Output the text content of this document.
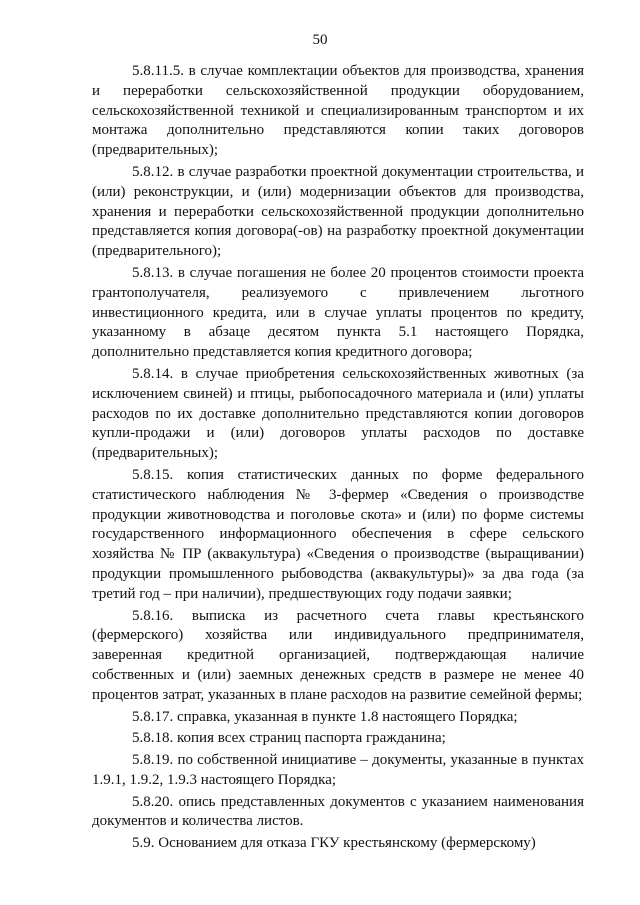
50

5.8.11.5. в случае комплектации объектов для производства, хранения и переработки сельскохозяйственной продукции оборудованием, сельскохозяйственной техникой и специализированным транспортом и их монтажа дополнительно представляются копии таких договоров (предварительных);

5.8.12. в случае разработки проектной документации строительства, и (или) реконструкции, и (или) модернизации объектов для производства, хранения и переработки сельскохозяйственной продукции дополнительно представляется копия договора(-ов) на разработку проектной документации (предварительного);

5.8.13. в случае погашения не более 20 процентов стоимости проекта грантополучателя, реализуемого с привлечением льготного инвестиционного кредита, или в случае уплаты процентов по кредиту, указанному в абзаце десятом пункта 5.1 настоящего Порядка, дополнительно представляется копия кредитного договора;

5.8.14. в случае приобретения сельскохозяйственных животных (за исключением свиней) и птицы, рыбопосадочного материала и (или) уплаты расходов по их доставке дополнительно представляются копии договоров купли-продажи и (или) договоров уплаты расходов по доставке (предварительных);

5.8.15. копия статистических данных по форме федерального статистического наблюдения № 3-фермер «Сведения о производстве продукции животноводства и поголовье скота» и (или) по форме системы государственного информационного обеспечения в сфере сельского хозяйства № ПР (аквакультура) «Сведения о производстве (выращивании) продукции промышленного рыбоводства (аквакультуры)» за два года (за третий год – при наличии), предшествующих году подачи заявки;

5.8.16. выписка из расчетного счета главы крестьянского (фермерского) хозяйства или индивидуального предпринимателя, заверенная кредитной организацией, подтверждающая наличие собственных и (или) заемных денежных средств в размере не менее 40 процентов затрат, указанных в плане расходов на развитие семейной фермы;

5.8.17. справка, указанная в пункте 1.8 настоящего Порядка;

5.8.18. копия всех страниц паспорта гражданина;

5.8.19. по собственной инициативе – документы, указанные в пунктах 1.9.1, 1.9.2, 1.9.3 настоящего Порядка;

5.8.20. опись представленных документов с указанием наименования документов и количества листов.

5.9. Основанием для отказа ГКУ крестьянскому (фермерскому)
